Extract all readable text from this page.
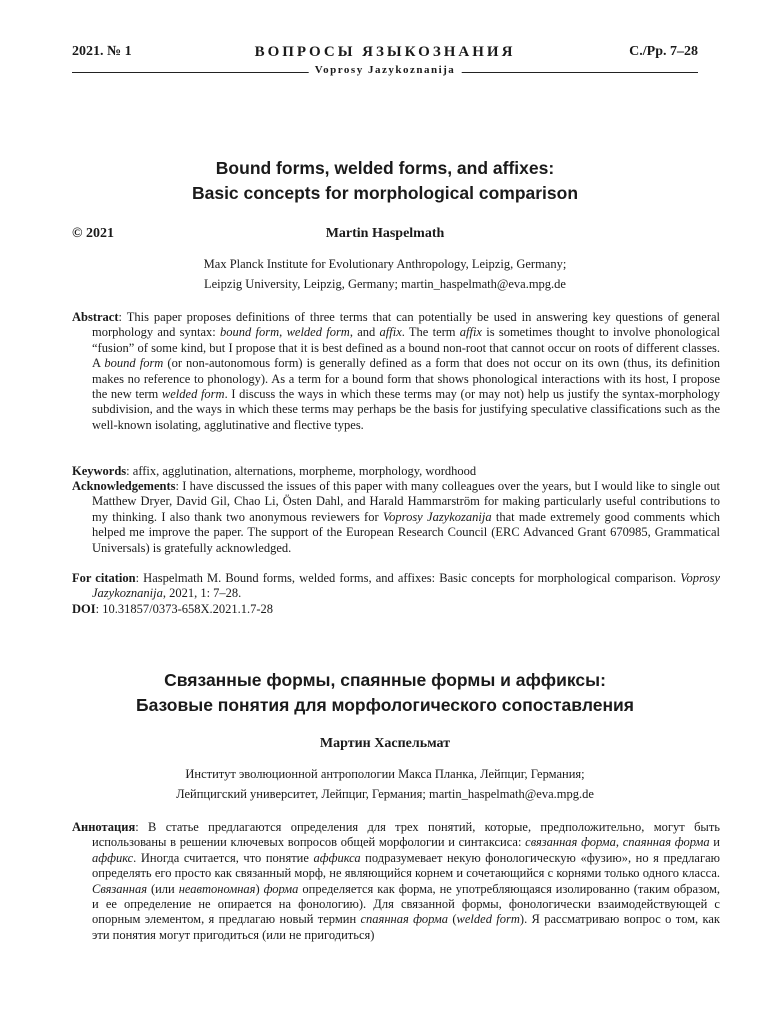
2021. № 1	ВОПРОСЫ ЯЗЫКОЗНАНИЯ	С./Pp. 7–28
Voprosy Jazykoznanija
Bound forms, welded forms, and affixes:
Basic concepts for morphological comparison
© 2021	Martin Haspelmath
Max Planck Institute for Evolutionary Anthropology, Leipzig, Germany;
Leipzig University, Leipzig, Germany; martin_haspelmath@eva.mpg.de
Abstract: This paper proposes definitions of three terms that can potentially be used in answering key questions of general morphology and syntax: bound form, welded form, and affix. The term affix is sometimes thought to involve phonological “fusion” of some kind, but I propose that it is best defined as a bound non-root that cannot occur on roots of different classes. A bound form (or non-autonomous form) is generally defined as a form that does not occur on its own (thus, its definition makes no reference to phonology). As a term for a bound form that shows phonological interactions with its host, I propose the new term welded form. I discuss the ways in which these terms may (or may not) help us justify the syntax-morphology subdivision, and the ways in which these terms may perhaps be the basis for justifying speculative classifications such as the well-known isolating, agglutinative and flective types.
Keywords: affix, agglutination, alternations, morpheme, morphology, wordhood
Acknowledgements: I have discussed the issues of this paper with many colleagues over the years, but I would like to single out Matthew Dryer, David Gil, Chao Li, Östen Dahl, and Harald Hammarström for making particularly useful contributions to my thinking. I also thank two anonymous reviewers for Voprosy Jazykozanija that made extremely good comments which helped me improve the paper. The support of the European Research Council (ERC Advanced Grant 670985, Grammatical Universals) is gratefully acknowledged.
For citation: Haspelmath M. Bound forms, welded forms, and affixes: Basic concepts for morphological comparison. Voprosy Jazykoznanija, 2021, 1: 7–28.
DOI: 10.31857/0373-658X.2021.1.7-28
Связанные формы, спаянные формы и аффиксы:
Базовые понятия для морфологического сопоставления
Мартин Хаспельмат
Институт эволюционной антропологии Макса Планка, Лейпциг, Германия;
Лейпцигский университет, Лейпциг, Германия; martin_haspelmath@eva.mpg.de
Аннотация: В статье предлагаются определения для трех понятий, которые, предположительно, могут быть использованы в решении ключевых вопросов общей морфологии и синтаксиса: связанная форма, спаянная форма и аффикс. Иногда считается, что понятие аффикса подразумевает некую фонологическую «фузию», но я предлагаю определять его просто как связанный морф, не являющийся корнем и сочетающийся с корнями только одного класса. Связанная (или неавтономная) форма определяется как форма, не употребляющаяся изолированно (таким образом, и ее определение не опирается на фонологию). Для связанной формы, фонологически взаимодействующей с опорным элементом, я предлагаю новый термин спаянная форма (welded form). Я рассматриваю вопрос о том, как эти понятия могут пригодиться (или не пригодиться)
